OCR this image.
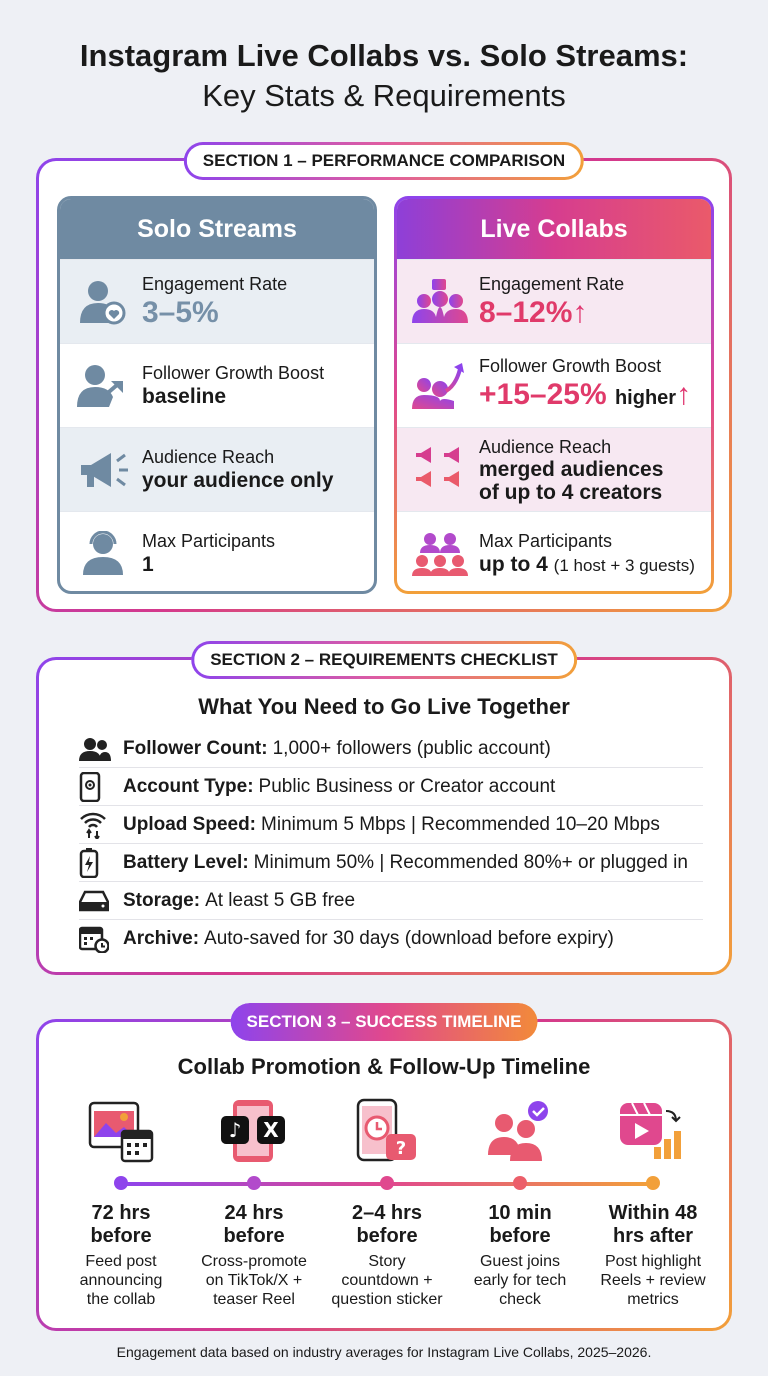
Instagram Live Collabs vs. Solo Streams:
Key Stats & Requirements
SECTION 1 – PERFORMANCE COMPARISON
Solo Streams
Engagement Rate
3–5%
Follower Growth Boost
baseline
Audience Reach
your audience only
Max Participants
1
Live Collabs
Engagement Rate
8–12%↑
Follower Growth Boost
+15–25% higher↑
Audience Reach
merged audiences
of up to 4 creators
Max Participants
up to 4 (1 host + 3 guests)
SECTION 2 – REQUIREMENTS CHECKLIST
What You Need to Go Live Together
Follower Count: 1,000+ followers (public account)
Account Type: Public Business or Creator account
Upload Speed: Minimum 5 Mbps | Recommended 10–20 Mbps
Battery Level: Minimum 50% | Recommended 80%+ or plugged in
Storage: At least 5 GB free
Archive: Auto-saved for 30 days (download before expiry)
SECTION 3 – SUCCESS TIMELINE
Collab Promotion & Follow-Up Timeline
72 hrs
before
Feed post
announcing
the collab
♪ X
24 hrs
before
Cross-promote
on TikTok/X +
teaser Reel
?
2–4 hrs
before
Story
countdown +
question sticker
10 min
before
Guest joins
early for tech
check
Within 48
hrs after
Post highlight
Reels + review
metrics
Engagement data based on industry averages for Instagram Live Collabs, 2025–2026.
